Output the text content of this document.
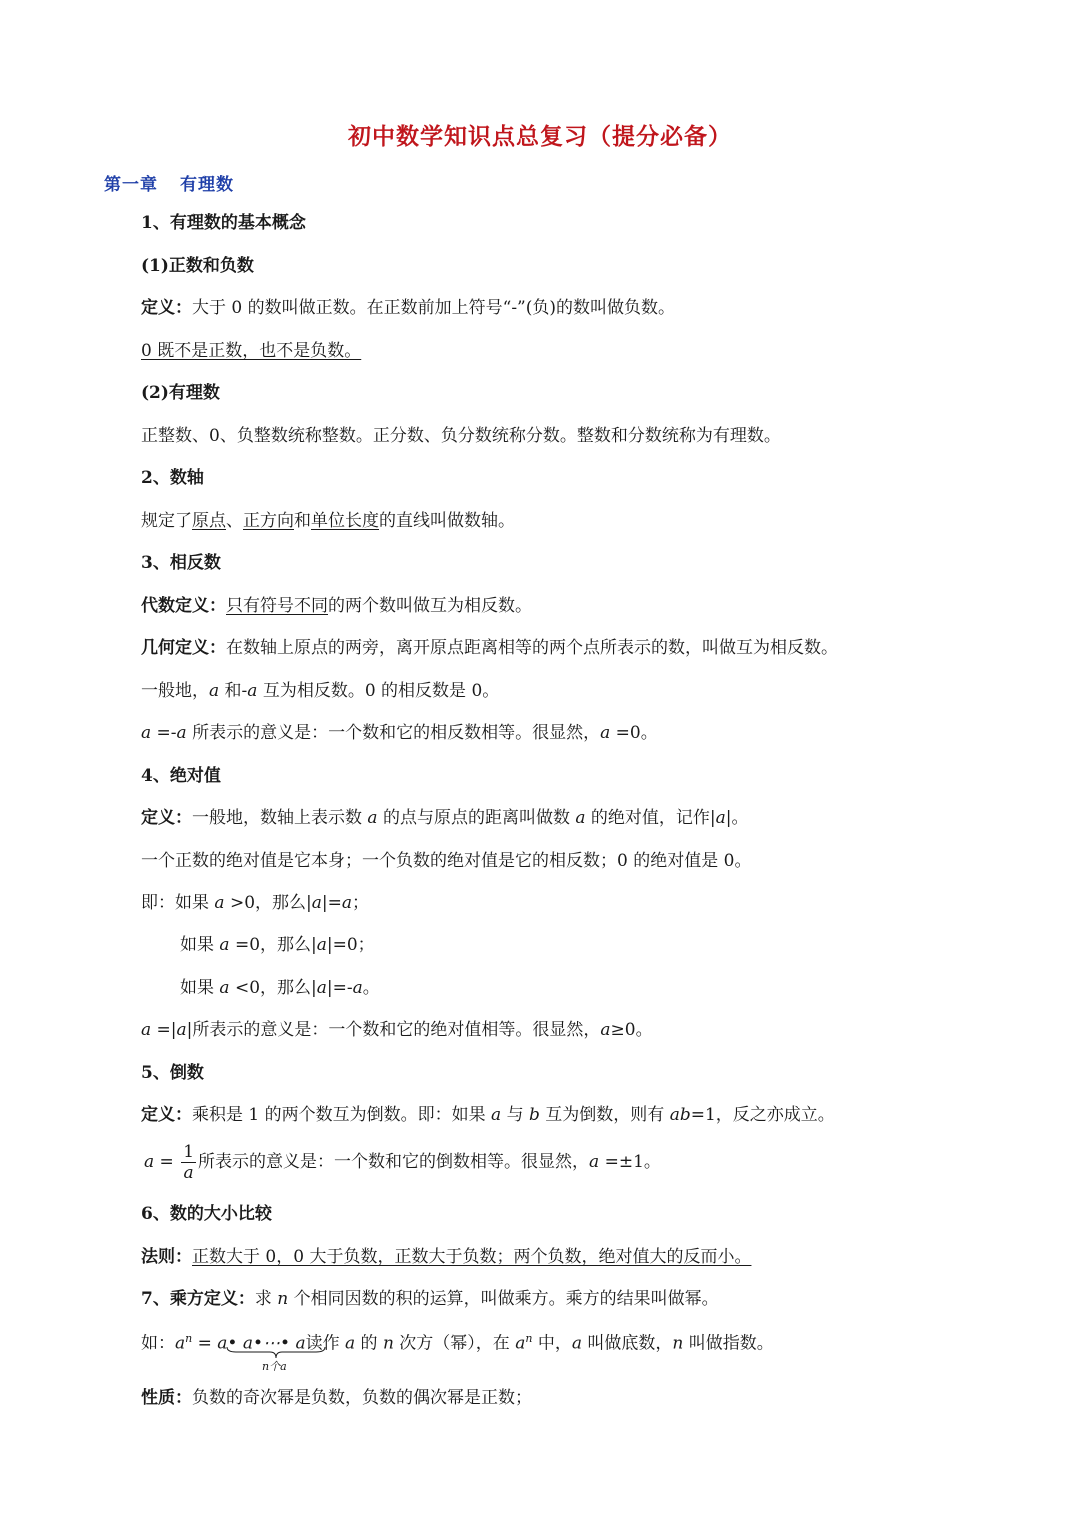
初中数学知识点总复习（提分必备）
第一章 有理数
1、有理数的基本概念
(1)正数和负数
定义：大于 0 的数叫做正数。在正数前加上符号“-”(负)的数叫做负数。
0 既不是正数，也不是负数。
(2)有理数
正整数、0、负整数统称整数。正分数、负分数统称分数。整数和分数统称为有理数。
2、数轴
规定了原点、正方向和单位长度的直线叫做数轴。
3、相反数
代数定义：只有符号不同的两个数叫做互为相反数。
几何定义：在数轴上原点的两旁，离开原点距离相等的两个点所表示的数，叫做互为相反数。
一般地，a 和-a 互为相反数。0 的相反数是 0。
a =-a 所表示的意义是：一个数和它的相反数相等。很显然，a =0。
4、绝对值
定义：一般地，数轴上表示数 a 的点与原点的距离叫做数 a 的绝对值，记作|a|。
一个正数的绝对值是它本身；一个负数的绝对值是它的相反数；0 的绝对值是 0。
即：如果 a >0，那么|a|=a；
如果 a =0，那么|a|=0；
如果 a <0，那么|a|=-a。
a =|a|所表示的意义是：一个数和它的绝对值相等。很显然，a≥0。
5、倒数
定义：乘积是 1 的两个数互为倒数。即：如果 a 与 b 互为倒数，则有 ab=1，反之亦成立。
$a = \frac{1}{a}$ 所表示的意义是：一个数和它的倒数相等。很显然，a =±1。
6、数的大小比较
法则：正数大于 0，0 大于负数，正数大于负数；两个负数，绝对值大的反而小。
7、乘方定义：求 n 个相同因数的积的运算，叫做乘方。乘方的结果叫做幂。
如：$a^n$ = a• a•⋯• a读作 a 的 n 次方（幂），在 $a^n$ 中，a 叫做底数，n 叫做指数。
n个a
性质：负数的奇次幂是负数，负数的偶次幂是正数；
